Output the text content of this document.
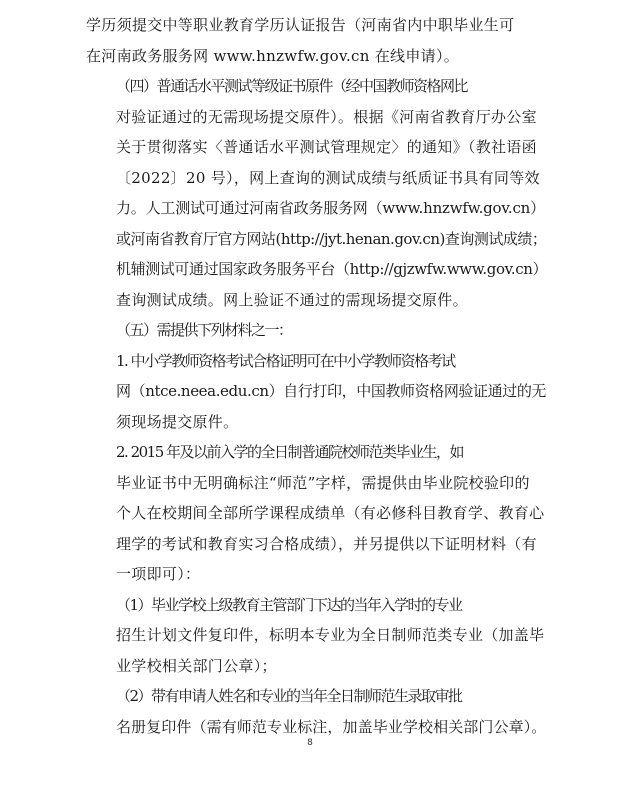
学历须提交中等职业教育学历认证报告（河南省内中职毕业生可
在河南政务服务网 www.hnzwfw.gov.cn 在线申请）。

（四）普通话水平测试等级证书原件（经中国教师资格网比
对验证通过的无需现场提交原件）。根据《河南省教育厅办公室
关于贯彻落实〈普通话水平测试管理规定〉的通知》（教社语函
〔2022〕20 号），网上查询的测试成绩与纸质证书具有同等效
力。人工测试可通过河南省政务服务网（www.hnzwfw.gov.cn）
或河南省教育厅官方网站(http://jyt.henan.gov.cn)查询测试成绩；
机辅测试可通过国家政务服务平台（http://gjzwfw.www.gov.cn）
查询测试成绩。网上验证不通过的需现场提交原件。

（五）需提供下列材料之一：

1. 中小学教师资格考试合格证明可在中小学教师资格考试
网（ntce.neea.edu.cn）自行打印，中国教师资格网验证通过的无
须现场提交原件。

2. 2015 年及以前入学的全日制普通院校师范类毕业生，如
毕业证书中无明确标注“师范”字样，需提供由毕业院校验印的
个人在校期间全部所学课程成绩单（有必修科目教育学、教育心
理学的考试和教育实习合格成绩），并另提供以下证明材料（有
一项即可）：

（1）毕业学校上级教育主管部门下达的当年入学时的专业
招生计划文件复印件，标明本专业为全日制师范类专业（加盖毕
业学校相关部门公章）；

（2）带有申请人姓名和专业的当年全日制师范生录取审批
名册复印件（需有师范专业标注，加盖毕业学校相关部门公章）。

8
